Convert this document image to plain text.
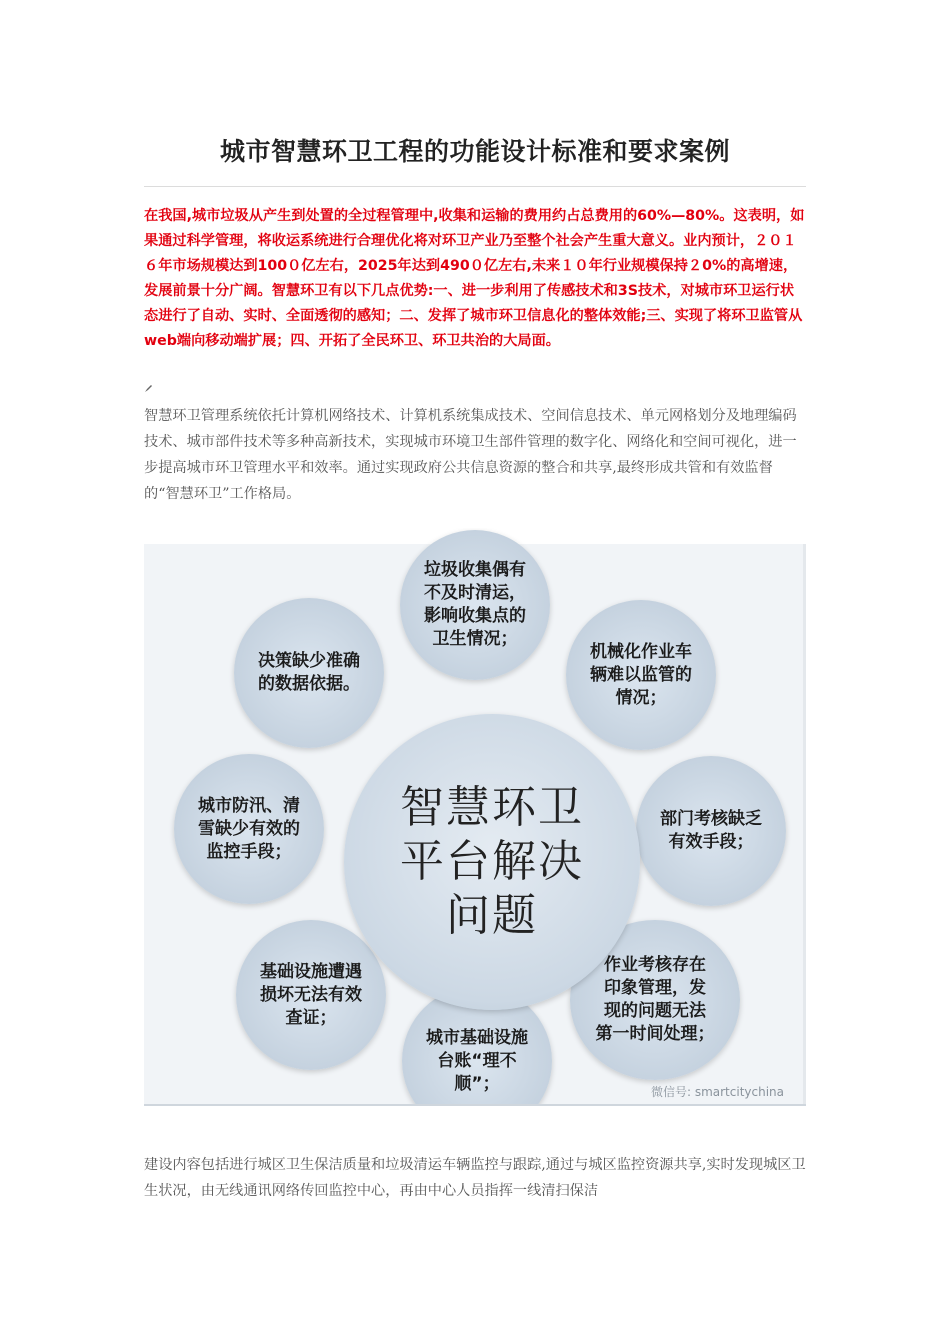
城市智慧环卫工程的功能设计标准和要求案例

在我国,城市垃圾从产生到处置的全过程管理中,收集和运输的费用约占总费用的60%—80%。这表明，如果通过科学管理，将收运系统进行合理优化将对环卫产业乃至整个社会产生重大意义。业内预计，２０１６年市场规模达到100０亿左右，2025年达到490０亿左右,未来１０年行业规模保持２0%的高增速，发展前景十分广阔。智慧环卫有以下几点优势:一、进一步利用了传感技术和3S技术，对城市环卫运行状态进行了自动、实时、全面透彻的感知；二、发挥了城市环卫信息化的整体效能;三、实现了将环卫监管从web端向移动端扩展；四、开拓了全民环卫、环卫共治的大局面。

智慧环卫管理系统依托计算机网络技术、计算机系统集成技术、空间信息技术、单元网格划分及地理编码技术、城市部件技术等多种高新技术，实现城市环境卫生部件管理的数字化、网络化和空间可视化，进一步提高城市环卫管理水平和效率。通过实现政府公共信息资源的整合和共享,最终形成共管和有效监督的“智慧环卫”工作格局。

垃圾收集偶有
不及时清运，
影响收集点的
卫生情况；
机械化作业车
辆难以监管的
情况；
部门考核缺乏
有效手段；
作业考核存在
印象管理，发
现的问题无法
第一时间处理；
城市基础设施
台账“理不
顺”；
基础设施遭遇
损坏无法有效
查证；
城市防汛、清
雪缺少有效的
监控手段；
决策缺少准确
的数据依据。
智慧环卫
平台解决
问题
微信号: smartcitychina

建设内容包括进行城区卫生保洁质量和垃圾清运车辆监控与跟踪,通过与城区监控资源共享,实时发现城区卫生状况，由无线通讯网络传回监控中心，再由中心人员指挥一线清扫保洁
